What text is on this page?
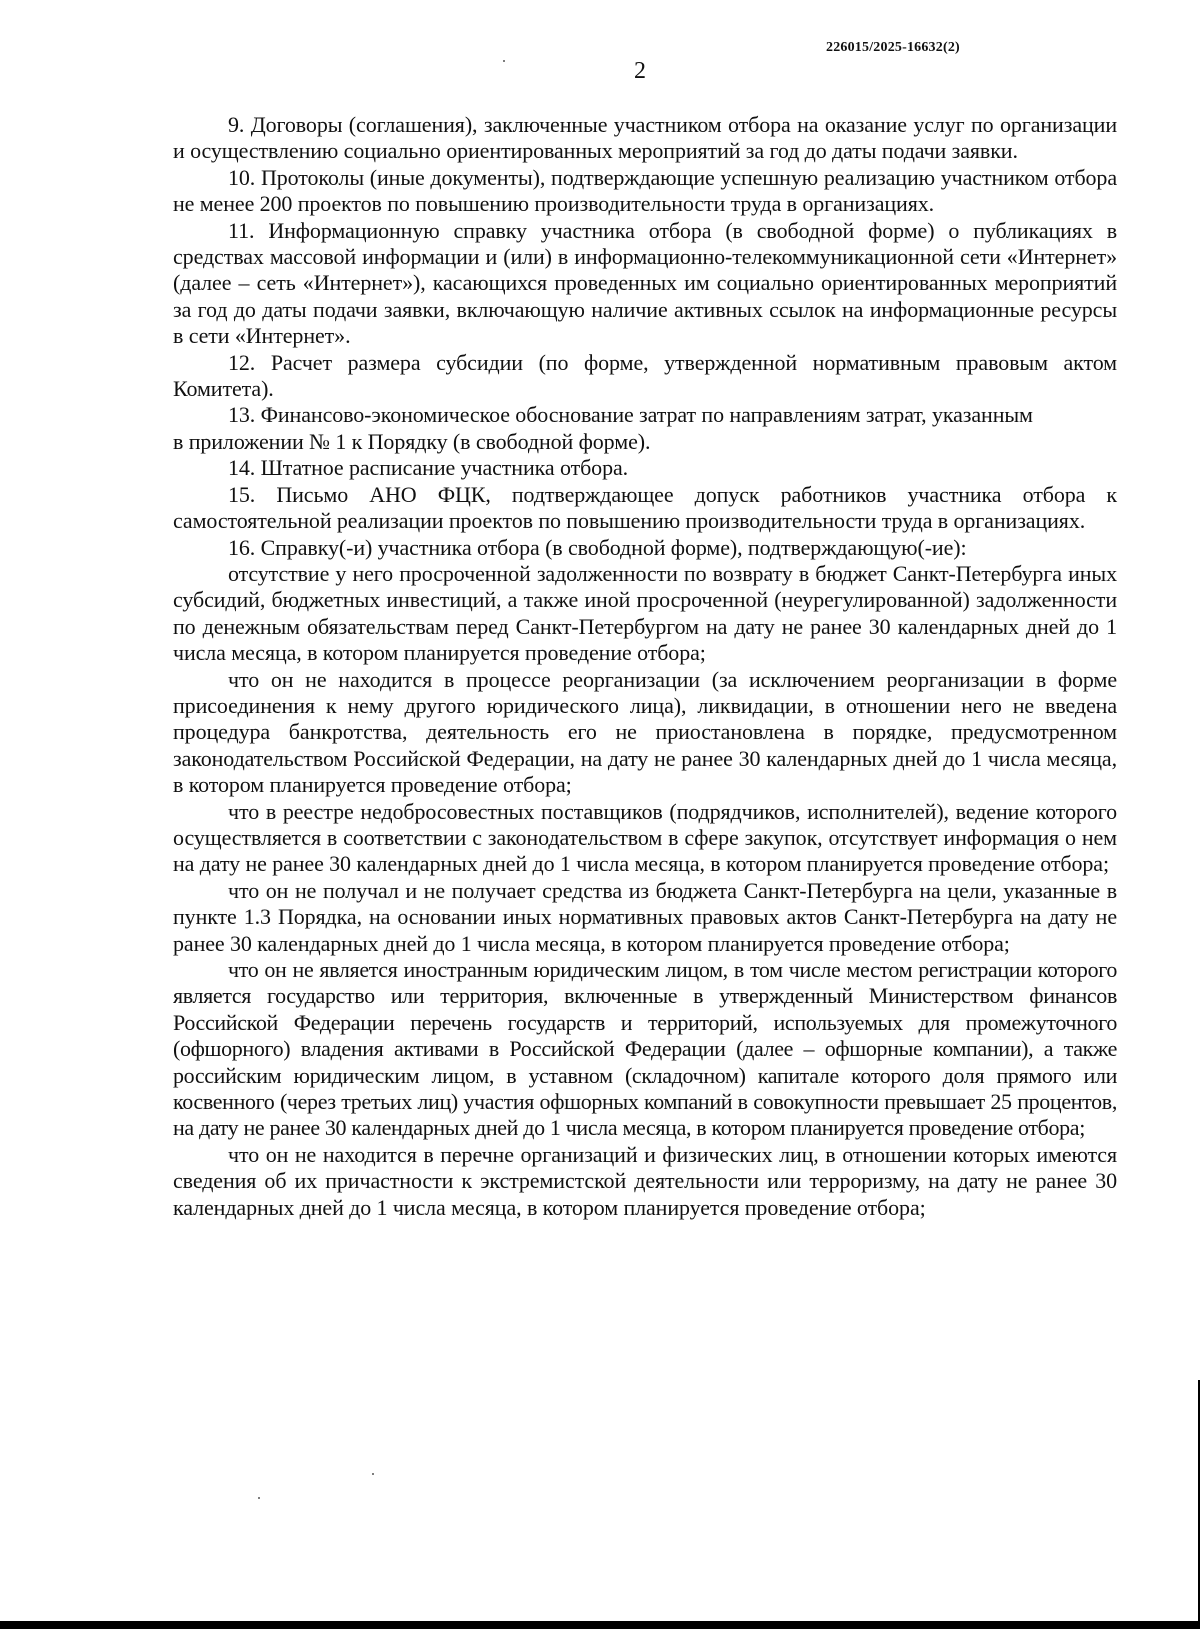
226015/2025-16632(2)
2

9. Договоры (соглашения), заключенные участником отбора на оказание услуг по организации и осуществлению социально ориентированных мероприятий за год до даты подачи заявки.

10. Протоколы (иные документы), подтверждающие успешную реализацию участником отбора не менее 200 проектов по повышению производительности труда в организациях.

11. Информационную справку участника отбора (в свободной форме) о публикациях в средствах массовой информации и (или) в информационно-телекоммуникационной сети «Интернет» (далее – сеть «Интернет»), касающихся проведенных им социально ориентированных мероприятий за год до даты подачи заявки, включающую наличие активных ссылок на информационные ресурсы в сети «Интернет».

12. Расчет размера субсидии (по форме, утвержденной нормативным правовым актом Комитета).

13. Финансово-экономическое обоснование затрат по направлениям затрат, указанным

в приложении № 1 к Порядку (в свободной форме).

14. Штатное расписание участника отбора.

15. Письмо АНО ФЦК, подтверждающее допуск работников участника отбора к самостоятельной реализации проектов по повышению производительности труда в организациях.

16. Справку(-и) участника отбора (в свободной форме), подтверждающую(-ие):

отсутствие у него просроченной задолженности по возврату в бюджет Санкт-Петербурга иных субсидий, бюджетных инвестиций, а также иной просроченной (неурегулированной) задолженности по денежным обязательствам перед Санкт-Петербургом на дату не ранее 30 календарных дней до 1 числа месяца, в котором планируется проведение отбора;

что он не находится в процессе реорганизации (за исключением реорганизации в форме присоединения к нему другого юридического лица), ликвидации, в отношении него не введена процедура банкротства, деятельность его не приостановлена в порядке, предусмотренном законодательством Российской Федерации, на дату не ранее 30 календарных дней до 1 числа месяца, в котором планируется проведение отбора;

что в реестре недобросовестных поставщиков (подрядчиков, исполнителей), ведение которого осуществляется в соответствии с законодательством в сфере закупок, отсутствует информация о нем на дату не ранее 30 календарных дней до 1 числа месяца, в котором планируется проведение отбора;

что он не получал и не получает средства из бюджета Санкт-Петербурга на цели, указанные в пункте 1.3 Порядка, на основании иных нормативных правовых актов Санкт-Петербурга на дату не ранее 30 календарных дней до 1 числа месяца, в котором планируется проведение отбора;

что он не является иностранным юридическим лицом, в том числе местом регистрации которого является государство или территория, включенные в утвержденный Министерством финансов Российской Федерации перечень государств и территорий, используемых для промежуточного (офшорного) владения активами в Российской Федерации (далее – офшорные компании), а также российским юридическим лицом, в уставном (складочном) капитале которого доля прямого или косвенного (через третьих лиц) участия офшорных компаний в совокупности превышает 25 процентов, на дату не ранее 30 календарных дней до 1 числа месяца, в котором планируется проведение отбора;

что он не находится в перечне организаций и физических лиц, в отношении которых имеются сведения об их причастности к экстремистской деятельности или терроризму, на дату не ранее 30 календарных дней до 1 числа месяца, в котором планируется проведение отбора;
